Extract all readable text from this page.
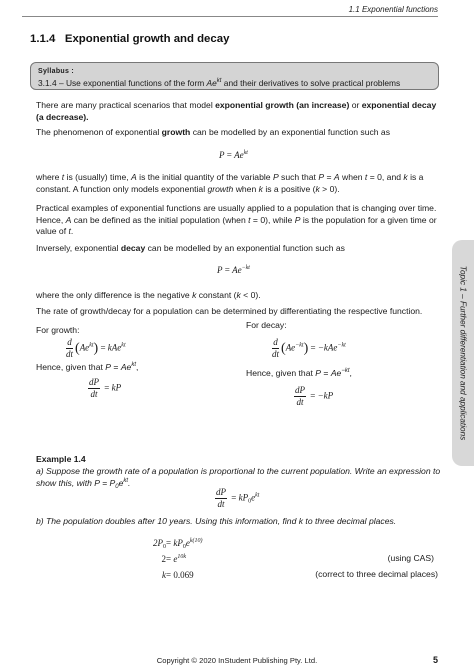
1.1 Exponential functions
1.1.4 Exponential growth and decay
Syllabus :
3.1.4 – Use exponential functions of the form $Ae^{kt}$ and their derivatives to solve practical problems
There are many practical scenarios that model exponential growth (an increase) or exponential decay (a decrease).
The phenomenon of exponential growth can be modelled by an exponential function such as
$P = Ae^{kt}$
where t is (usually) time, A is the initial quantity of the variable P such that P = A when t = 0, and k is a constant. A function only models exponential growth when k is a positive (k > 0).
Practical examples of exponential functions are usually applied to a population that is changing over time. Hence, A can be defined as the initial population (when t = 0), while P is the population for a given time or value of t.
Inversely, exponential decay can be modelled by an exponential function such as
$P = Ae^{-kt}$
where the only difference is the negative k constant (k < 0).
The rate of growth/decay for a population can be determined by differentiating the respective function.
For growth:
$\frac{d}{dt} (Ae^{kt}) = kAe^{kt}$
Hence, given that $P = Ae^{kt}$,
$\frac{dP}{dt}$ = kP
For decay:
$\frac{d}{dt} (Ae^{-kt}) = -kAe^{-kt}$
Hence, given that $P = Ae^{-kt}$,
$\frac{dP}{dt} = -kP$
Example 1.4
a) Suppose the growth rate of a population is proportional to the current population. Write an expression to show this, with $P = P_0e^{kt}$.
$\frac{dP}{dt} = kP_0e^{kt}$
b) The population doubles after 10 years. Using this information, find k to three decimal places.
$2P_0 = kP_0e^{k(10)}$
$2 = e^{10k}$	(using CAS)
k = 0.069	(correct to three decimal places)
Topic 1 – Further differentiation and applications
Copyright © 2020 InStudent Publishing Pty. Ltd.	5
